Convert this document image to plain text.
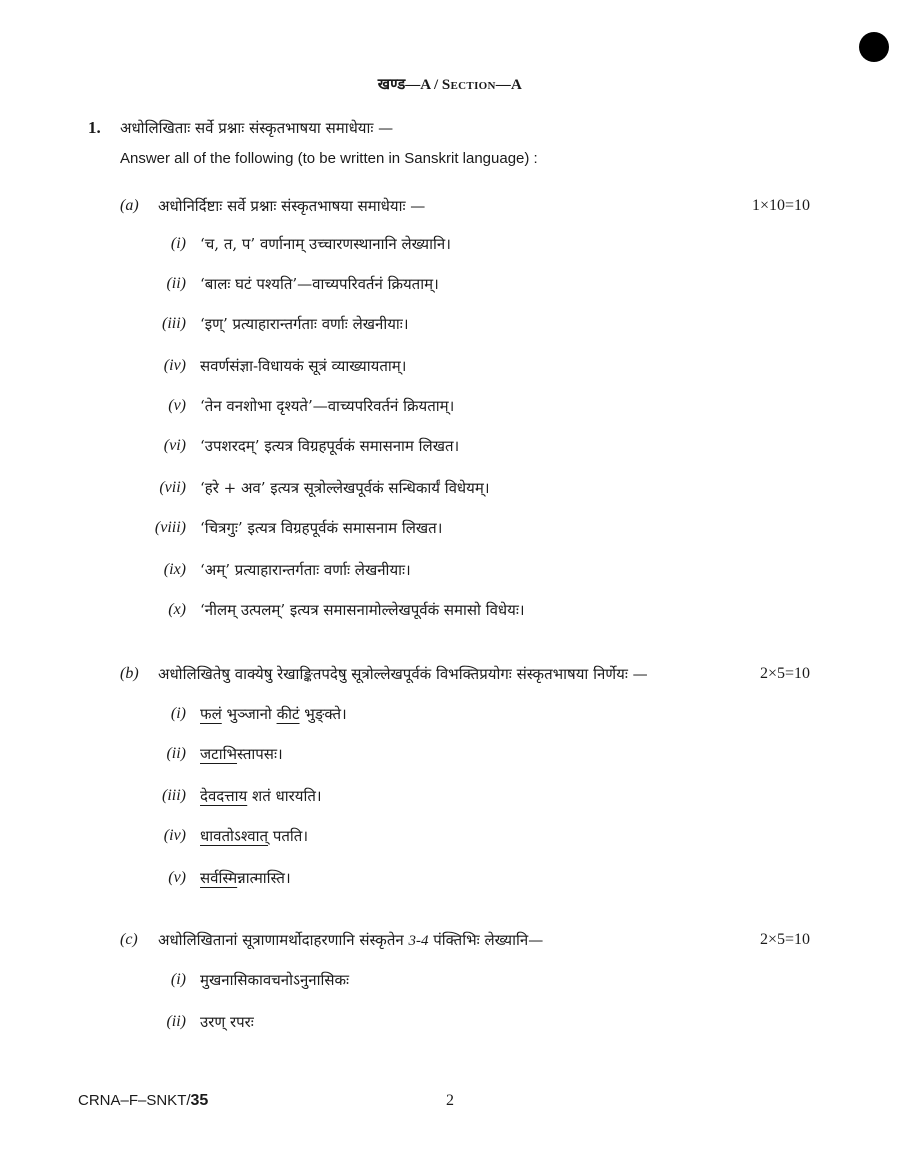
खण्ड—A / Section—A
1. अधोलिखिताः सर्वे प्रश्नाः संस्कृतभाषया समाधेयाः —
Answer all of the following (to be written in Sanskrit language) :
(a)	अधोनिर्दिष्टाः सर्वे प्रश्नाः संस्कृतभाषया समाधेयाः —	1×10=10
(i) ‘च, त, प’ वर्णानाम् उच्चारणस्थानानि लेख्यानि।
(ii) ‘बालः घटं पश्यति’—वाच्यपरिवर्तनं क्रियताम्।
(iii) ‘इण्’ प्रत्याहारान्तर्गताः वर्णाः लेखनीयाः।
(iv) सवर्णसंज्ञा-विधायकं सूत्रं व्याख्यायताम्।
(v) ‘तेन वनशोभा दृश्यते’—वाच्यपरिवर्तनं क्रियताम्।
(vi) ‘उपशरदम्’ इत्यत्र विग्रहपूर्वकं समासनाम लिखत।
(vii) ‘हरे + अव’ इत्यत्र सूत्रोल्लेखपूर्वकं सन्धिकार्यं विधेयम्।
(viii) ‘चित्रगुः’ इत्यत्र विग्रहपूर्वकं समासनाम लिखत।
(ix) ‘अम्’ प्रत्याहारान्तर्गताः वर्णाः लेखनीयाः।
(x) ‘नीलम् उत्पलम्’ इत्यत्र समासनामोल्लेखपूर्वकं समासो विधेयः।
(b)	अधोलिखितेषु वाक्येषु रेखाङ्कितपदेषु सूत्रोल्लेखपूर्वकं विभक्तिप्रयोगः संस्कृतभाषया निर्णेयः —	2×5=10
(i) फलं भुञ्जानो कीटं भुङ्क्ते।
(ii) जटाभिस्तापसः।
(iii) देवदत्ताय शतं धारयति।
(iv) धावतोऽश्वात् पतति।
(v) सर्वस्मिन्नात्मास्ति।
(c)	अधोलिखितानां सूत्राणामर्थोदाहरणानि संस्कृतेन 3-4 पंक्तिभिः लेख्यानि—	2×5=10
(i) मुखनासिकावचनोऽनुनासिकः
(ii) उरण् रपरः
CRNA–F–SNKT/35	2
